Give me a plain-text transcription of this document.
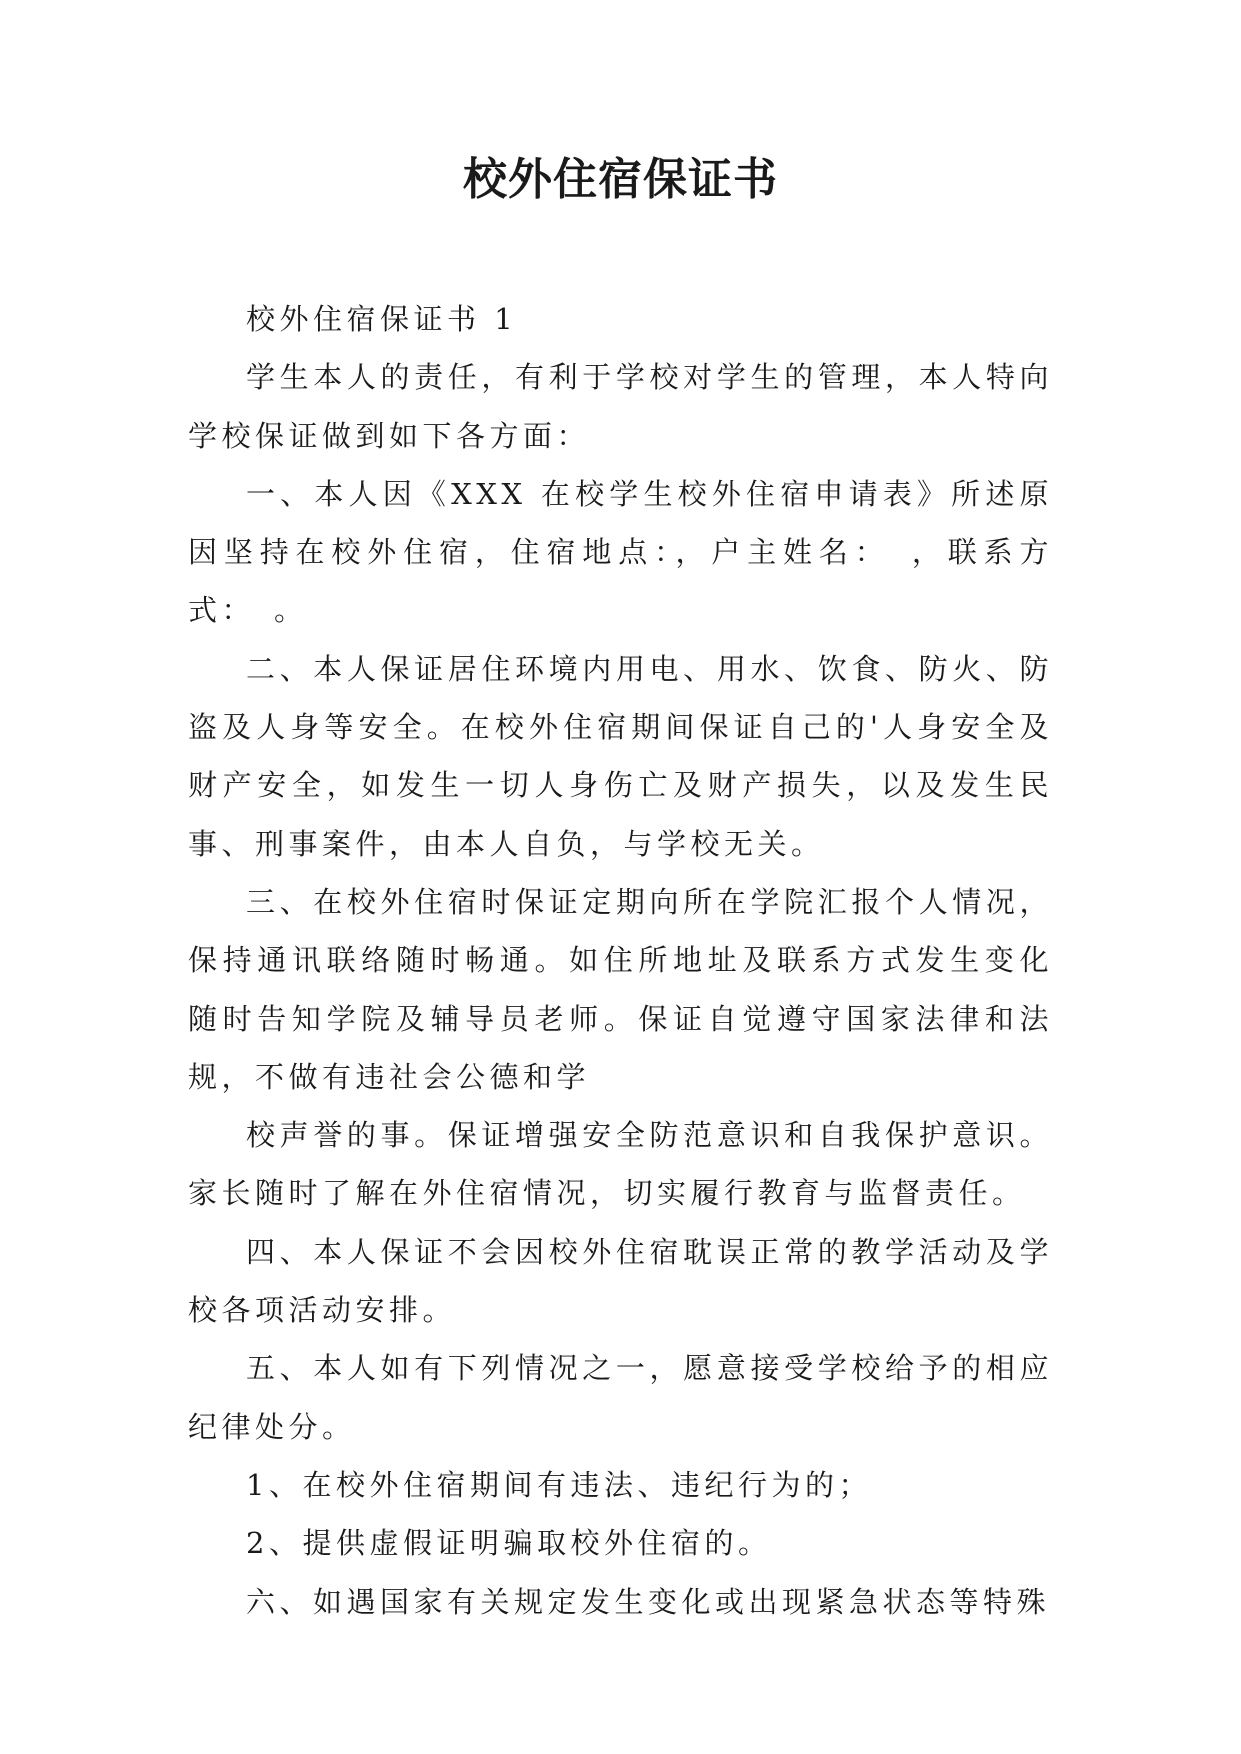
校外住宿保证书

校外住宿保证书 1

学生本人的责任，有利于学校对学生的管理，本人特向学校保证做到如下各方面：

一、本人因《XXX 在校学生校外住宿申请表》所述原因坚持在校外住宿，住宿地点：，户主姓名：　，联系方式：　。

二、本人保证居住环境内用电、用水、饮食、防火、防盗及人身等安全。在校外住宿期间保证自己的'人身安全及财产安全，如发生一切人身伤亡及财产损失，以及发生民事、刑事案件，由本人自负，与学校无关。

三、在校外住宿时保证定期向所在学院汇报个人情况，保持通讯联络随时畅通。如住所地址及联系方式发生变化随时告知学院及辅导员老师。保证自觉遵守国家法律和法规，不做有违社会公德和学

校声誉的事。保证增强安全防范意识和自我保护意识。家长随时了解在外住宿情况，切实履行教育与监督责任。

四、本人保证不会因校外住宿耽误正常的教学活动及学校各项活动安排。

五、本人如有下列情况之一，愿意接受学校给予的相应纪律处分。

1、在校外住宿期间有违法、违纪行为的；

2、提供虚假证明骗取校外住宿的。

六、如遇国家有关规定发生变化或出现紧急状态等特殊
